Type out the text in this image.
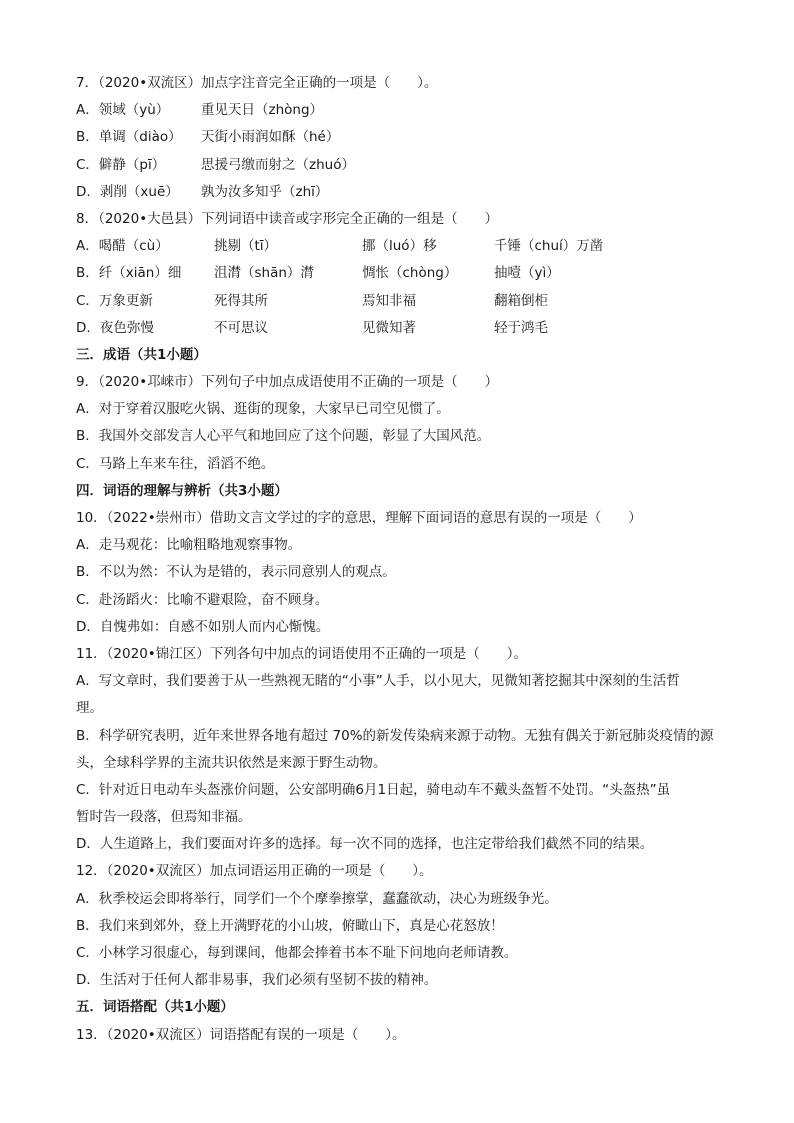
7．（2020•双流区）加点字注音完全正确的一项是（　　）。
A．领域（yù） 重见天日（zhòng）
B．单调（diào） 天街小雨润如酥（hé）
C．僻静（pī）	思援弓缴而射之（zhuó）
D．剥削（xuē） 孰为汝多知乎（zhī）
8．（2020•大邑县）下列词语中读音或字形完全正确的一组是（　　）
A．喝醋（cù）	挑剔（tī）	挪（luó）移	千锤（chuí）万凿
B．纤（xiān）细	沮潸（shān）潸	惆怅（chòng）	抽噎（yì）
C．万象更新	死得其所	焉知非福	翻箱倒柜
D．夜色弥慢	不可思议	见微知著	轻于鸿毛
三．成语（共1小题）
9．（2020•邛崃市）下列句子中加点成语使用不正确的一项是（　　）
A．对于穿着汉服吃火锅、逛街的现象，大家早已司空见惯了。
B．我国外交部发言人心平气和地回应了这个问题，彰显了大国风范。
C．马路上车来车往，滔滔不绝。
四．词语的理解与辨析（共3小题）
10．（2022•崇州市）借助文言文学过的字的意思，理解下面词语的意思有误的一项是（　　）
A．走马观花：比喻粗略地观察事物。
B．不以为然：不认为是错的，表示同意别人的观点。
C．赴汤蹈火：比喻不避艰险，奋不顾身。
D．自愧弗如：自感不如别人而内心惭愧。
11．（2020•锦江区）下列各句中加点的词语使用不正确的一项是（　　）。
A．写文章时，我们要善于从一些熟视无睹的“小事”人手，以小见大，见微知著挖掘其中深刻的生活哲
理。
B．科学研究表明，近年来世界各地有超过 70%的新发传染病来源于动物。无独有偶关于新冠肺炎疫情的源
头，全球科学界的主流共识依然是来源于野生动物。
C．针对近日电动车头盔涨价问题，公安部明确6月1日起，骑电动车不戴头盔暂不处罚。“头盔热”虽
暂时告一段落，但焉知非福。
D．人生道路上，我们要面对许多的选择。每一次不同的选择，也注定带给我们截然不同的结果。
12．（2020•双流区）加点词语运用正确的一项是（　　）。
A．秋季校运会即将举行，同学们一个个摩拳擦掌，蠢蠢欲动，决心为班级争光。
B．我们来到郊外，登上开满野花的小山坡，俯瞰山下，真是心花怒放！
C．小林学习很虚心，每到课间，他都会捧着书本不耻下问地向老师请教。
D．生活对于任何人都非易事，我们必须有坚韧不拔的精神。
五．词语搭配（共1小题）
13．（2020•双流区）词语搭配有误的一项是（　　）。
